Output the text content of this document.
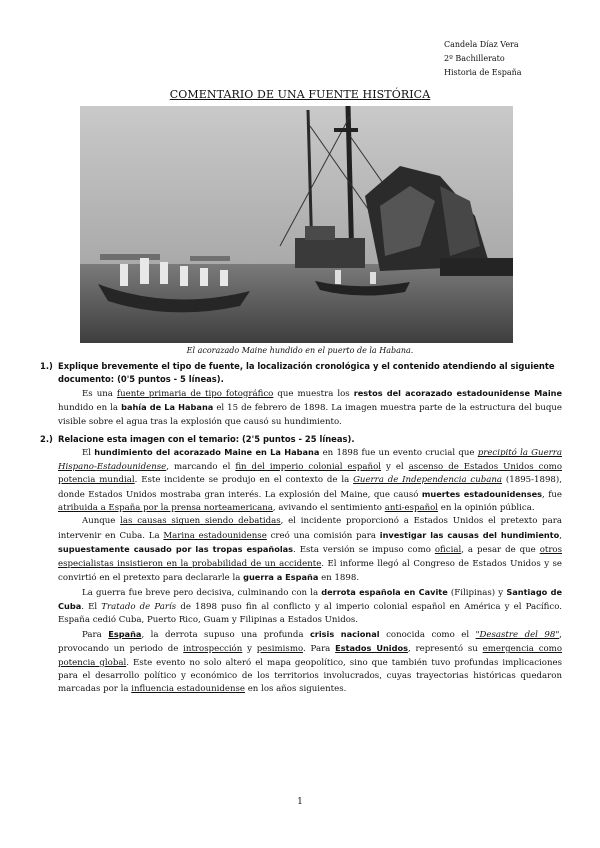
Candela Díaz Vera
2º Bachillerato
Historia de España
COMENTARIO DE UNA FUENTE HISTÓRICA
El acorazado Maine hundido en el puerto de la Habana.
1.) Explique brevemente el tipo de fuente, la localización cronológica y el contenido atendiendo al siguiente documento: (0'5 puntos - 5 líneas).
Es una fuente primaria de tipo fotográfico que muestra los restos del acorazado estadounidense Maine hundido en la bahía de La Habana el 15 de febrero de 1898. La imagen muestra parte de la estructura del buque visible sobre el agua tras la explosión que causó su hundimiento.
2.) Relacione esta imagen con el temario: (2'5 puntos - 25 líneas).
El hundimiento del acorazado Maine en La Habana en 1898 fue un evento crucial que precipitó la Guerra Hispano-Estadounidense, marcando el fin del imperio colonial español y el ascenso de Estados Unidos como potencia mundial. Este incidente se produjo en el contexto de la Guerra de Independencia cubana (1895-1898), donde Estados Unidos mostraba gran interés. La explosión del Maine, que causó muertes estadounidenses, fue atribuida a España por la prensa norteamericana, avivando el sentimiento anti-español en la opinión pública.
Aunque las causas siguen siendo debatidas, el incidente proporcionó a Estados Unidos el pretexto para intervenir en Cuba. La Marina estadounidense creó una comisión para investigar las causas del hundimiento, supuestamente causado por las tropas españolas. Esta versión se impuso como oficial, a pesar de que otros especialistas insistieron en la probabilidad de un accidente. El informe llegó al Congreso de Estados Unidos y se convirtió en el pretexto para declararle la guerra a España en 1898.
La guerra fue breve pero decisiva, culminando con la derrota española en Cavite (Filipinas) y Santiago de Cuba. El Tratado de París de 1898 puso fin al conflicto y al imperio colonial español en América y el Pacífico. España cedió Cuba, Puerto Rico, Guam y Filipinas a Estados Unidos.
Para España, la derrota supuso una profunda crisis nacional conocida como el "Desastre del 98", provocando un periodo de introspección y pesimismo. Para Estados Unidos, representó su emergencia como potencia global. Este evento no solo alteró el mapa geopolítico, sino que también tuvo profundas implicaciones para el desarrollo político y económico de los territorios involucrados, cuyas trayectorias históricas quedaron marcadas por la influencia estadounidense en los años siguientes.
1
